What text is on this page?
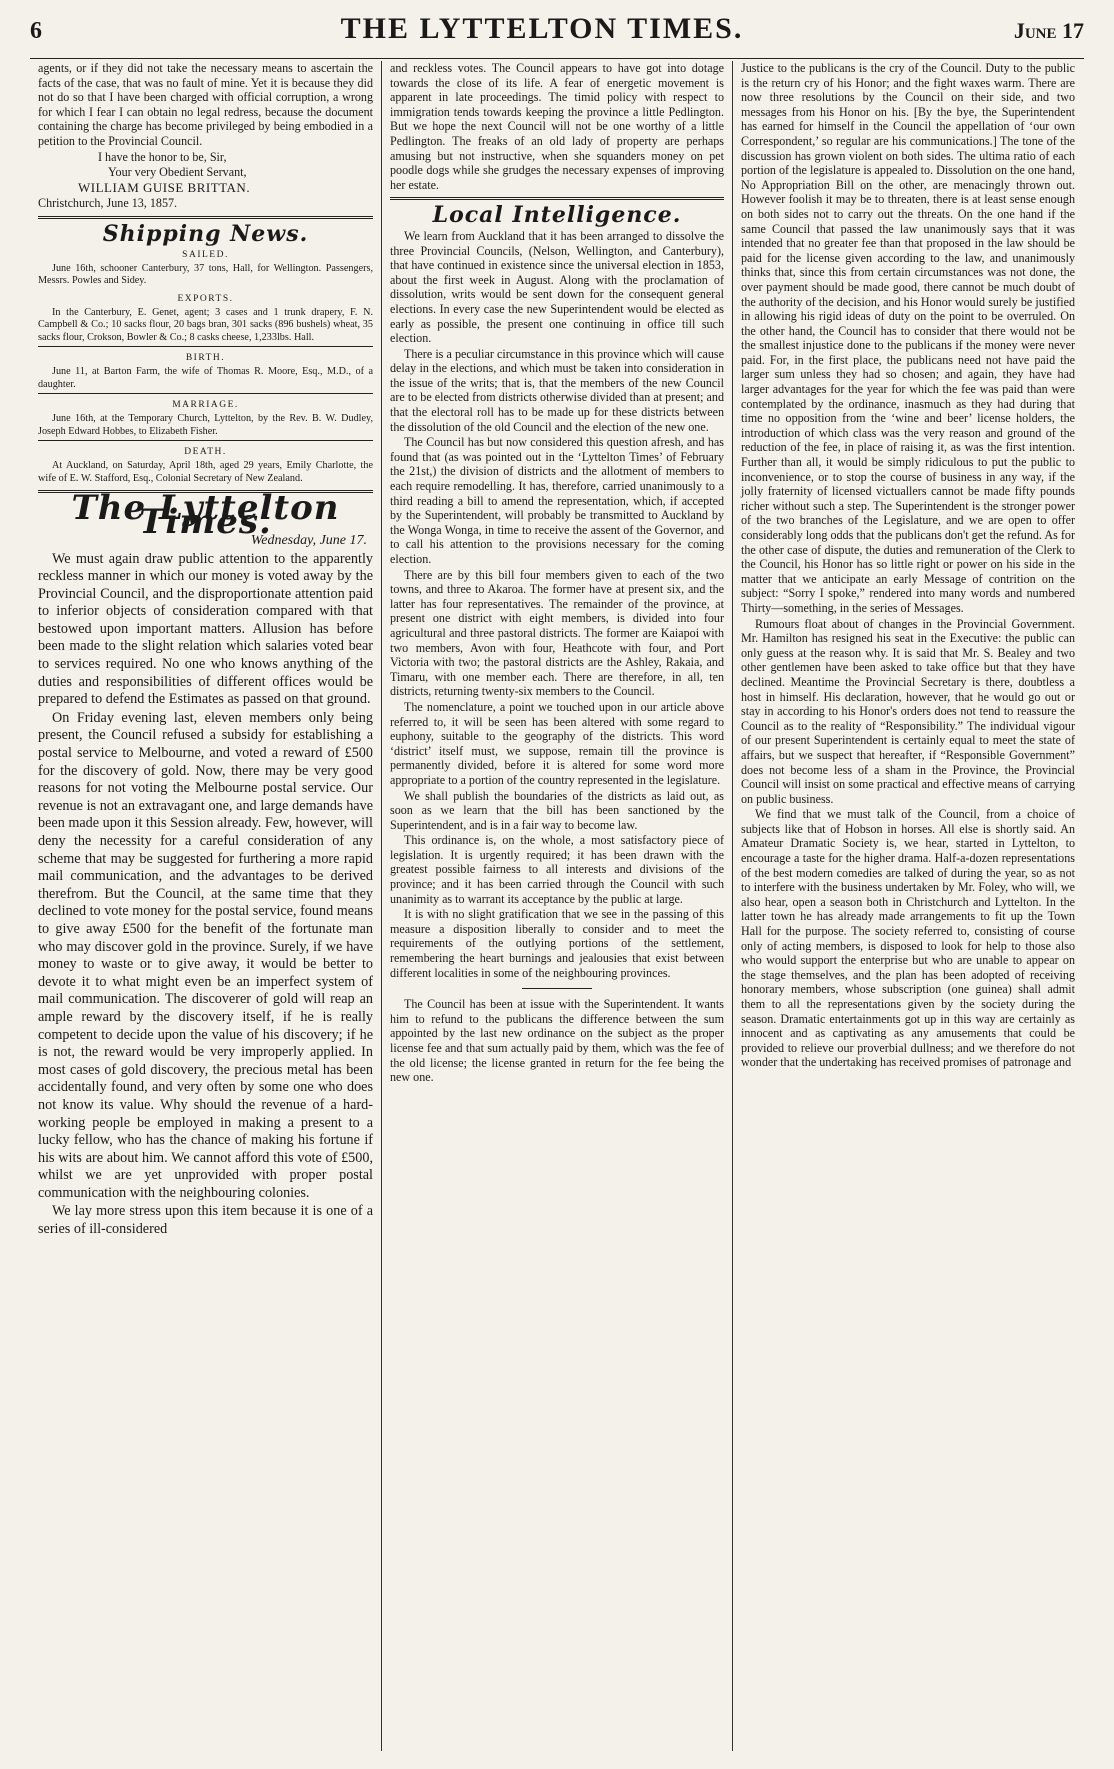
6	THE LYTTELTON TIMES.	June 17

agents, or if they did not take the necessary means to ascertain the facts of the case, that was no fault of mine. Yet it is because they did not do so that I have been charged with official corruption, a wrong for which I fear I can obtain no legal redress, because the document containing the charge has become privileged by being embodied in a petition to the Provincial Council.

I have the honor to be, Sir,

Your very Obedient Servant,

WILLIAM GUISE BRITTAN.

Christchurch, June 13, 1857.

Shipping News.
SAILED.

June 16th, schooner Canterbury, 37 tons, Hall, for Wellington. Passengers, Messrs. Powles and Sidey.

EXPORTS.

In the Canterbury, E. Genet, agent; 3 cases and 1 trunk drapery, F. N. Campbell & Co.; 10 sacks flour, 20 bags bran, 301 sacks (896 bushels) wheat, 35 sacks flour, Crokson, Bowler & Co.; 8 casks cheese, 1,233lbs. Hall.

BIRTH.

June 11, at Barton Farm, the wife of Thomas R. Moore, Esq., M.D., of a daughter.

MARRIAGE.

June 16th, at the Temporary Church, Lyttelton, by the Rev. B. W. Dudley, Joseph Edward Hobbes, to Elizabeth Fisher.

DEATH.

At Auckland, on Saturday, April 18th, aged 29 years, Emily Charlotte, the wife of E. W. Stafford, Esq., Colonial Secretary of New Zealand.

The Lyttelton Times.
Wednesday, June 17.

We must again draw public attention to the apparently reckless manner in which our money is voted away by the Provincial Council, and the disproportionate attention paid to inferior objects of consideration compared with that bestowed upon important matters. Allusion has before been made to the slight relation which salaries voted bear to services required. No one who knows anything of the duties and responsibilities of different offices would be prepared to defend the Estimates as passed on that ground.

On Friday evening last, eleven members only being present, the Council refused a subsidy for establishing a postal service to Melbourne, and voted a reward of £500 for the discovery of gold. Now, there may be very good reasons for not voting the Melbourne postal service. Our revenue is not an extravagant one, and large demands have been made upon it this Session already. Few, however, will deny the necessity for a careful consideration of any scheme that may be suggested for furthering a more rapid mail communication, and the advantages to be derived therefrom. But the Council, at the same time that they declined to vote money for the postal service, found means to give away £500 for the benefit of the fortunate man who may discover gold in the province. Surely, if we have money to waste or to give away, it would be better to devote it to what might even be an imperfect system of mail communication. The discoverer of gold will reap an ample reward by the discovery itself, if he is really competent to decide upon the value of his discovery; if he is not, the reward would be very improperly applied. In most cases of gold discovery, the precious metal has been accidentally found, and very often by some one who does not know its value. Why should the revenue of a hard-working people be employed in making a present to a lucky fellow, who has the chance of making his fortune if his wits are about him. We cannot afford this vote of £500, whilst we are yet unprovided with proper postal communication with the neighbouring colonies.

We lay more stress upon this item because it is one of a series of ill-considered

and reckless votes. The Council appears to have got into dotage towards the close of its life. A fear of energetic movement is apparent in late proceedings. The timid policy with respect to immigration tends towards keeping the province a little Pedlington. But we hope the next Council will not be one worthy of a little Pedlington. The freaks of an old lady of property are perhaps amusing but not instructive, when she squanders money on pet poodle dogs while she grudges the necessary expenses of improving her estate.

Local Intelligence.

We learn from Auckland that it has been arranged to dissolve the three Provincial Councils, (Nelson, Wellington, and Canterbury), that have continued in existence since the universal election in 1853, about the first week in August. Along with the proclamation of dissolution, writs would be sent down for the consequent general elections. In every case the new Superintendent would be elected as early as possible, the present one continuing in office till such election.

There is a peculiar circumstance in this province which will cause delay in the elections, and which must be taken into consideration in the issue of the writs; that is, that the members of the new Council are to be elected from districts otherwise divided than at present; and that the electoral roll has to be made up for these districts between the dissolution of the old Council and the election of the new one.

The Council has but now considered this question afresh, and has found that (as was pointed out in the ‘Lyttelton Times’ of February the 21st,) the division of districts and the allotment of members to each require remodelling. It has, therefore, carried unanimously to a third reading a bill to amend the representation, which, if accepted by the Superintendent, will probably be transmitted to Auckland by the Wonga Wonga, in time to receive the assent of the Governor, and to call his attention to the provisions necessary for the coming election.

There are by this bill four members given to each of the two towns, and three to Akaroa. The former have at present six, and the latter has four representatives. The remainder of the province, at present one district with eight members, is divided into four agricultural and three pastoral districts. The former are Kaiapoi with two members, Avon with four, Heathcote with four, and Port Victoria with two; the pastoral districts are the Ashley, Rakaia, and Timaru, with one member each. There are therefore, in all, ten districts, returning twenty-six members to the Council.

The nomenclature, a point we touched upon in our article above referred to, it will be seen has been altered with some regard to euphony, suitable to the geography of the districts. This word ‘district’ itself must, we suppose, remain till the province is permanently divided, before it is altered for some word more appropriate to a portion of the country represented in the legislature.

We shall publish the boundaries of the districts as laid out, as soon as we learn that the bill has been sanctioned by the Superintendent, and is in a fair way to become law.

This ordinance is, on the whole, a most satisfactory piece of legislation. It is urgently required; it has been drawn with the greatest possible fairness to all interests and divisions of the province; and it has been carried through the Council with such unanimity as to warrant its acceptance by the public at large.

It is with no slight gratification that we see in the passing of this measure a disposition liberally to consider and to meet the requirements of the outlying portions of the settlement, remembering the heart burnings and jealousies that exist between different localities in some of the neighbouring provinces.

The Council has been at issue with the Superintendent. It wants him to refund to the publicans the difference between the sum appointed by the last new ordinance on the subject as the proper license fee and that sum actually paid by them, which was the fee of the old license; the license granted in return for the fee being the new one.

Justice to the publicans is the cry of the Council. Duty to the public is the return cry of his Honor; and the fight waxes warm. There are now three resolutions by the Council on their side, and two messages from his Honor on his. [By the bye, the Superintendent has earned for himself in the Council the appellation of ‘our own Correspondent,’ so regular are his communications.] The tone of the discussion has grown violent on both sides. The ultima ratio of each portion of the legislature is appealed to. Dissolution on the one hand, No Appropriation Bill on the other, are menacingly thrown out. However foolish it may be to threaten, there is at least sense enough on both sides not to carry out the threats. On the one hand if the same Council that passed the law unanimously says that it was intended that no greater fee than that proposed in the law should be paid for the license given according to the law, and unanimously thinks that, since this from certain circumstances was not done, the over payment should be made good, there cannot be much doubt of the authority of the decision, and his Honor would surely be justified in allowing his rigid ideas of duty on the point to be overruled. On the other hand, the Council has to consider that there would not be the smallest injustice done to the publicans if the money were never paid. For, in the first place, the publicans need not have paid the larger sum unless they had so chosen; and again, they have had larger advantages for the year for which the fee was paid than were contemplated by the ordinance, inasmuch as they had during that time no opposition from the ‘wine and beer’ license holders, the introduction of which class was the very reason and ground of the reduction of the fee, in place of raising it, as was the first intention. Further than all, it would be simply ridiculous to put the public to inconvenience, or to stop the course of business in any way, if the jolly fraternity of licensed victuallers cannot be made fifty pounds richer without such a step. The Superintendent is the stronger power of the two branches of the Legislature, and we are open to offer considerably long odds that the publicans don't get the refund. As for the other case of dispute, the duties and remuneration of the Clerk to the Council, his Honor has so little right or power on his side in the matter that we anticipate an early Message of contrition on the subject: “Sorry I spoke,” rendered into many words and numbered Thirty—something, in the series of Messages.

Rumours float about of changes in the Provincial Government. Mr. Hamilton has resigned his seat in the Executive: the public can only guess at the reason why. It is said that Mr. S. Bealey and two other gentlemen have been asked to take office but that they have declined. Meantime the Provincial Secretary is there, doubtless a host in himself. His declaration, however, that he would go out or stay in according to his Honor's orders does not tend to reassure the Council as to the reality of “Responsibility.” The individual vigour of our present Superintendent is certainly equal to meet the state of affairs, but we suspect that hereafter, if “Responsible Government” does not become less of a sham in the Province, the Provincial Council will insist on some practical and effective means of carrying on public business.

We find that we must talk of the Council, from a choice of subjects like that of Hobson in horses. All else is shortly said. An Amateur Dramatic Society is, we hear, started in Lyttelton, to encourage a taste for the higher drama. Half-a-dozen representations of the best modern comedies are talked of during the year, so as not to interfere with the business undertaken by Mr. Foley, who will, we also hear, open a season both in Christchurch and Lyttelton. In the latter town he has already made arrangements to fit up the Town Hall for the purpose. The society referred to, consisting of course only of acting members, is disposed to look for help to those also who would support the enterprise but who are unable to appear on the stage themselves, and the plan has been adopted of receiving honorary members, whose subscription (one guinea) shall admit them to all the representations given by the society during the season. Dramatic entertainments got up in this way are certainly as innocent and as captivating as any amusements that could be provided to relieve our proverbial dullness; and we therefore do not wonder that the undertaking has received promises of patronage and
